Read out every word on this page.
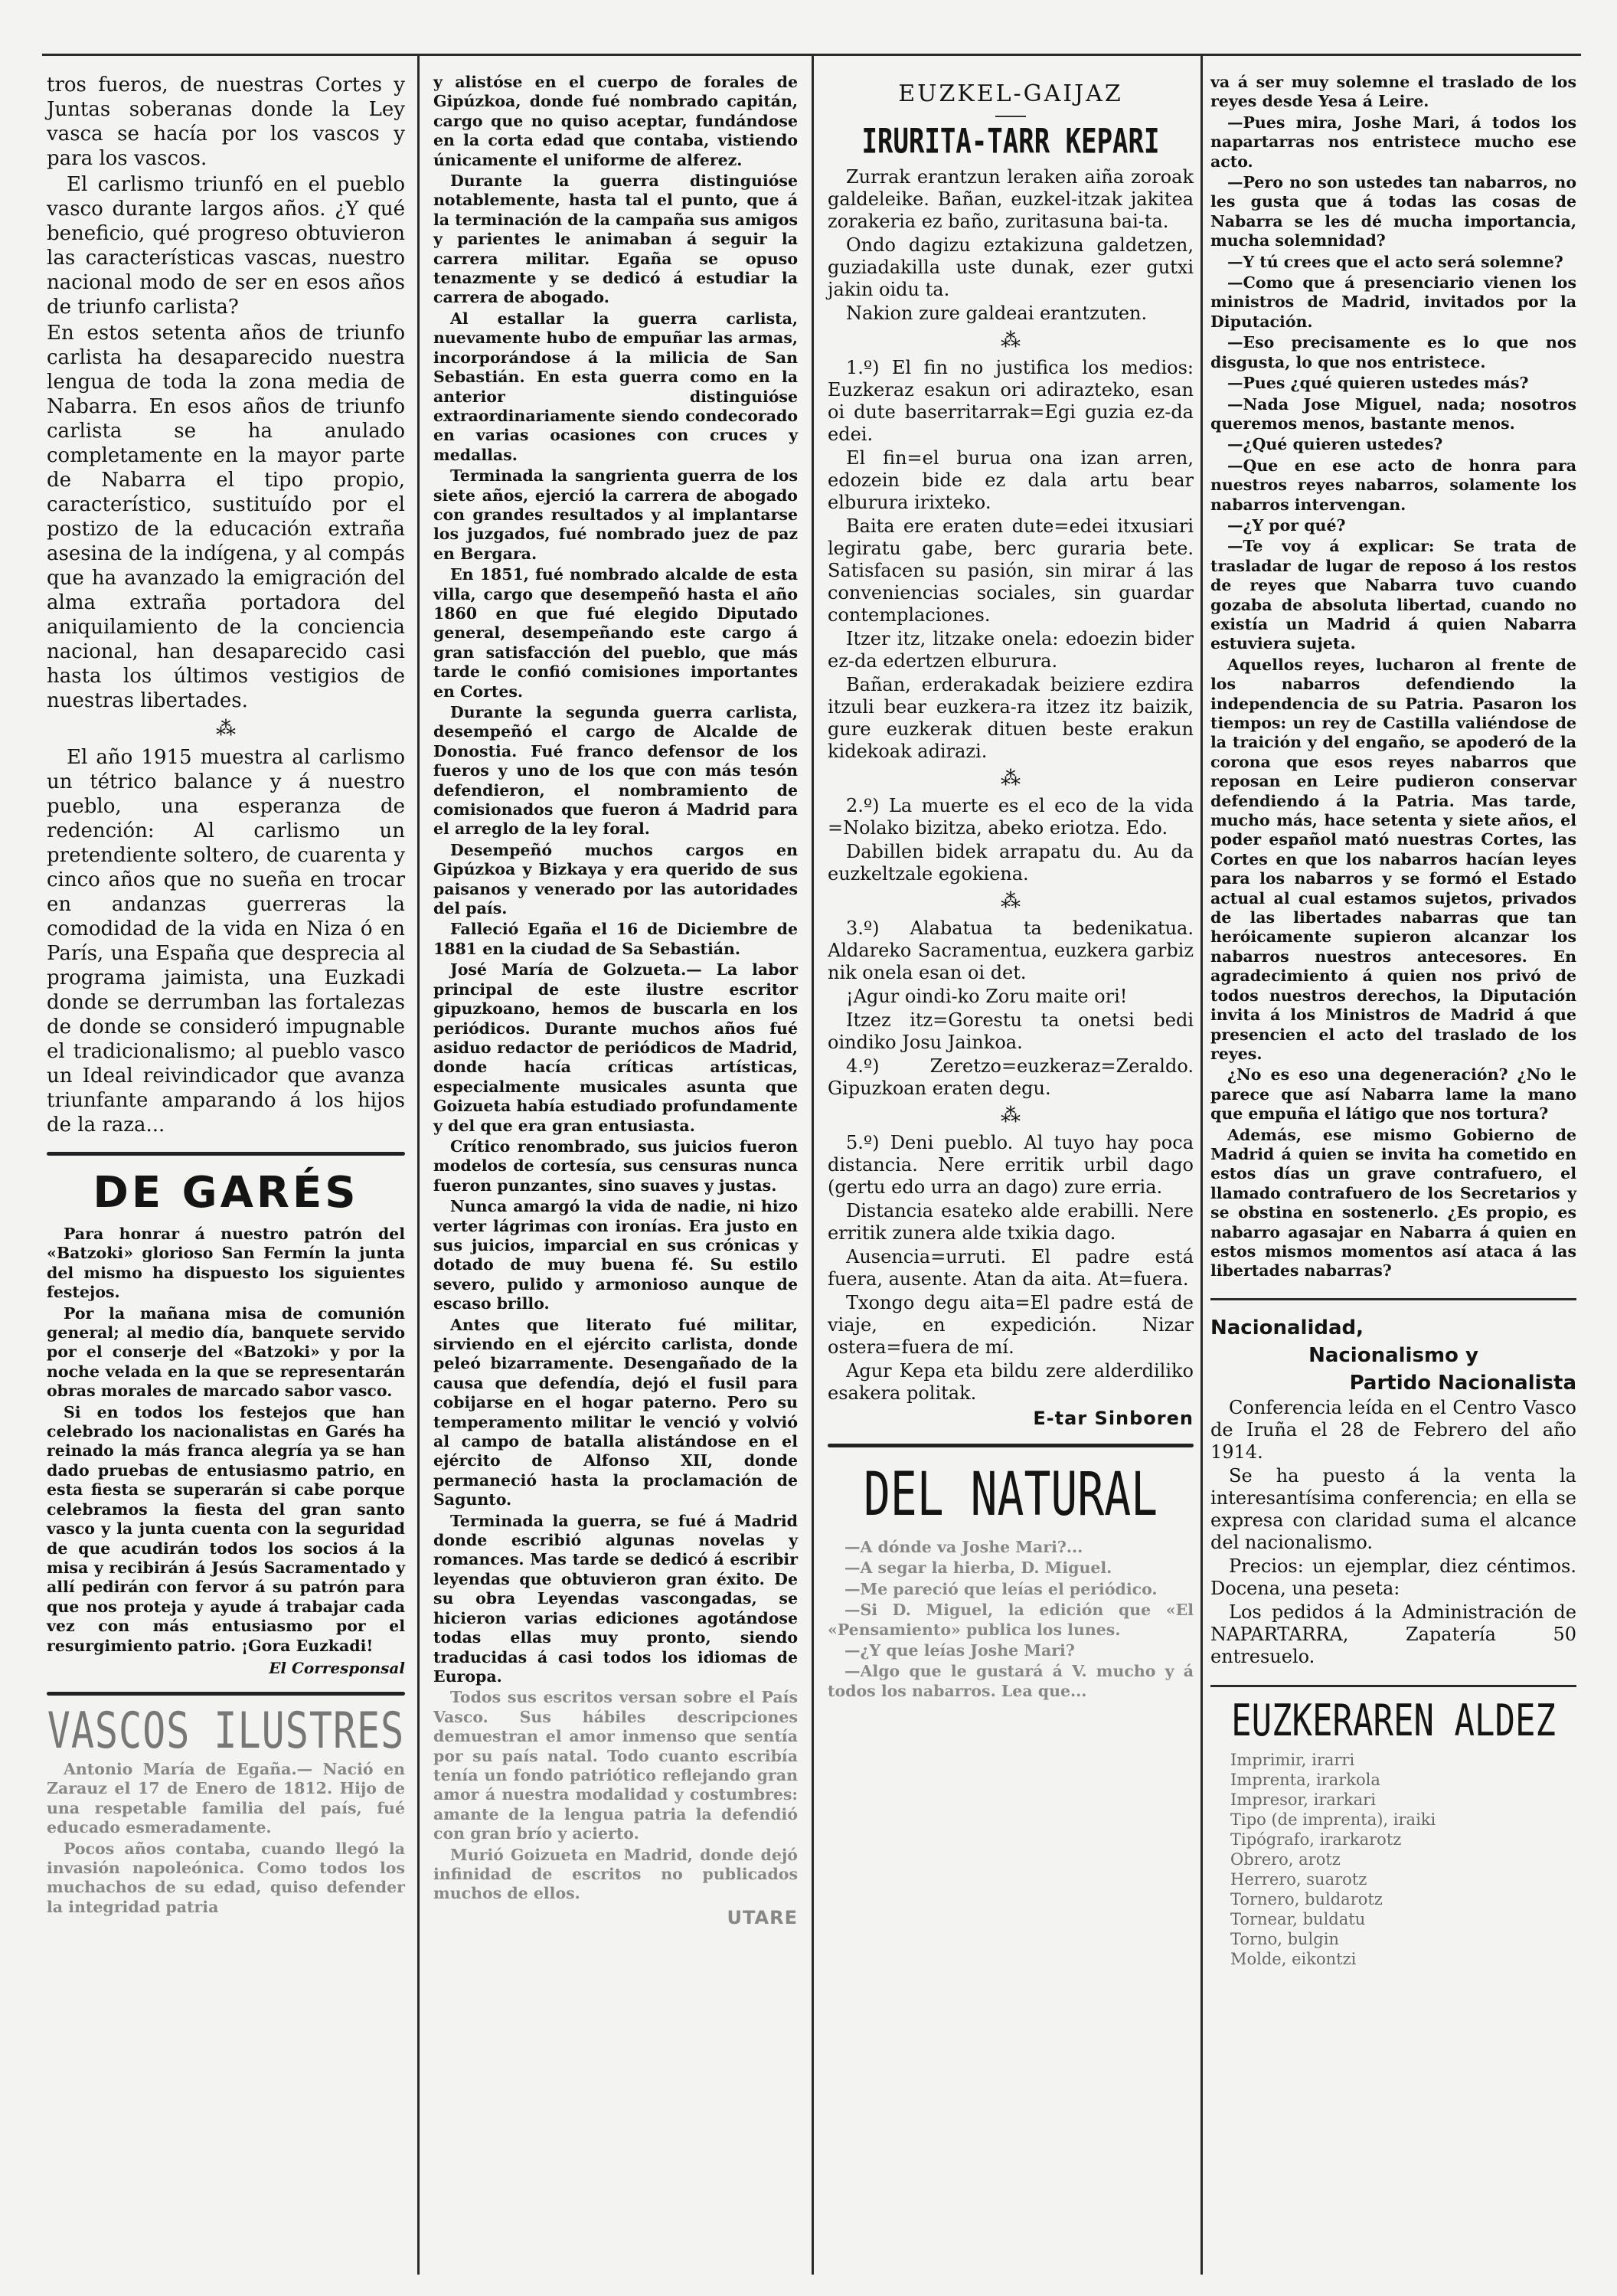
tros fueros, de nuestras Cortes y Juntas soberanas donde la Ley vasca se hacía por los vascos y para los vascos.

El carlismo triunfó en el pueblo vasco durante largos años. ¿Y qué beneficio, qué progreso obtuvieron las características vascas, nuestro nacional modo de ser en esos años de triunfo carlista?

En estos setenta años de triunfo carlista ha desaparecido nuestra lengua de toda la zona media de Nabarra. En esos años de triunfo carlista se ha anulado completamente en la mayor parte de Nabarra el tipo propio, característico, sustituído por el postizo de la educación extraña asesina de la indígena, y al compás que ha avanzado la emigración del alma extraña portadora del aniquilamiento de la conciencia nacional, han desaparecido casi hasta los últimos vestigios de nuestras libertades.

⁂

El año 1915 muestra al carlismo un tétrico balance y á nuestro pueblo, una esperanza de redención: Al carlismo un pretendiente soltero, de cuarenta y cinco años que no sueña en trocar en andanzas guerreras la comodidad de la vida en Niza ó en París, una España que desprecia al programa jaimista, una Euzkadi donde se derrumban las fortalezas de donde se consideró impugnable el tradicionalismo; al pueblo vasco un Ideal reivindicador que avanza triunfante amparando á los hijos de la raza...

DE GARÉS

Para honrar á nuestro patrón del «Batzoki» glorioso San Fermín la junta del mismo ha dispuesto los siguientes festejos.

Por la mañana misa de comunión general; al medio día, banquete servido por el conserje del «Batzoki» y por la noche velada en la que se representarán obras morales de marcado sabor vasco.

Si en todos los festejos que han celebrado los nacionalistas en Garés ha reinado la más franca alegría ya se han dado pruebas de entusiasmo patrio, en esta fiesta se superarán si cabe porque celebramos la fiesta del gran santo vasco y la junta cuenta con la seguridad de que acudirán todos los socios á la misa y recibirán á Jesús Sacramentado y allí pedirán con fervor á su patrón para que nos proteja y ayude á trabajar cada vez con más entusiasmo por el resurgimiento patrio. ¡Gora Euzkadi!

El Corresponsal
VASCOS ILUSTRES

Antonio María de Egaña.— Nació en Zarauz el 17 de Enero de 1812. Hijo de una respetable familia del país, fué educado esmeradamente.

Pocos años contaba, cuando llegó la invasión napoleónica. Como todos los muchachos de su edad, quiso defender la integridad patria

y alistóse en el cuerpo de forales de Gipúzkoa, donde fué nombrado capitán, cargo que no quiso aceptar, fundándose en la corta edad que contaba, vistiendo únicamente el uniforme de alferez.

Durante la guerra distinguióse notablemente, hasta tal el punto, que á la terminación de la campaña sus amigos y parientes le animaban á seguir la carrera militar. Egaña se opuso tenazmente y se dedicó á estudiar la carrera de abogado.

Al estallar la guerra carlista, nuevamente hubo de empuñar las armas, incorporándose á la milicia de San Sebastián. En esta guerra como en la anterior distinguióse extraordinariamente siendo condecorado en varias ocasiones con cruces y medallas.

Terminada la sangrienta guerra de los siete años, ejerció la carrera de abogado con grandes resultados y al implantarse los juzgados, fué nombrado juez de paz en Bergara.

En 1851, fué nombrado alcalde de esta villa, cargo que desempeñó hasta el año 1860 en que fué elegido Diputado general, desempeñando este cargo á gran satisfacción del pueblo, que más tarde le confió comisiones importantes en Cortes.

Durante la segunda guerra carlista, desempeñó el cargo de Alcalde de Donostia. Fué franco defensor de los fueros y uno de los que con más tesón defendieron, el nombramiento de comisionados que fueron á Madrid para el arreglo de la ley foral.

Desempeñó muchos cargos en Gipúzkoa y Bizkaya y era querido de sus paisanos y venerado por las autoridades del país.

Falleció Egaña el 16 de Diciembre de 1881 en la ciudad de Sa Sebastián.

José María de Golzueta.— La labor principal de este ilustre escritor gipuzkoano, hemos de buscarla en los periódicos. Durante muchos años fué asiduo redactor de periódicos de Madrid, donde hacía críticas artísticas, especialmente musicales asunta que Goizueta había estudiado profundamente y del que era gran entusiasta.

Crítico renombrado, sus juicios fueron modelos de cortesía, sus censuras nunca fueron punzantes, sino suaves y justas.

Nunca amargó la vida de nadie, ni hizo verter lágrimas con ironías. Era justo en sus juicios, imparcial en sus crónicas y dotado de muy buena fé. Su estilo severo, pulido y armonioso aunque de escaso brillo.

Antes que literato fué militar, sirviendo en el ejército carlista, donde peleó bizarramente. Desengañado de la causa que defendía, dejó el fusil para cobijarse en el hogar paterno. Pero su temperamento militar le venció y volvió al campo de batalla alistándose en el ejército de Alfonso XII, donde permaneció hasta la proclamación de Sagunto.

Terminada la guerra, se fué á Madrid donde escribió algunas novelas y romances. Mas tarde se dedicó á escribir leyendas que obtuvieron gran éxito. De su obra Leyendas vascongadas, se hicieron varias ediciones agotándose todas ellas muy pronto, siendo traducidas á casi todos los idiomas de Europa.

Todos sus escritos versan sobre el País Vasco. Sus hábiles descripciones demuestran el amor inmenso que sentía por su país natal. Todo cuanto escribía tenía un fondo patriótico reflejando gran amor á nuestra modalidad y costumbres: amante de la lengua patria la defendió con gran brío y acierto.

Murió Goizueta en Madrid, donde dejó infinidad de escritos no publicados muchos de ellos.

UTARE
EUZKEL-GAIJAZ
IRURITA-TARR KEPARI

Zurrak erantzun leraken aiña zoroak galdeleike. Bañan, euzkel-itzak jakitea zorakeria ez baño, zuritasuna bai-ta.

Ondo dagizu eztakizuna galdetzen, guziadakilla uste dunak, ezer gutxi jakin oidu ta.

Nakion zure galdeai erantzuten.

⁂

1.º) El fin no justifica los medios: Euzkeraz esakun ori adirazteko, esan oi dute baserritarrak=Egi guzia ez-da edei.

El fin=el burua ona izan arren, edozein bide ez dala artu bear elburura irixteko.

Baita ere eraten dute=edei itxusiari legiratu gabe, berc guraria bete. Satisfacen su pasión, sin mirar á las conveniencias sociales, sin guardar contemplaciones.

Itzer itz, litzake onela: edoezin bider ez-da edertzen elburura.

Bañan, erderakadak beiziere ezdira itzuli bear euzkera-ra itzez itz baizik, gure euzkerak dituen beste erakun kidekoak adirazi.

⁂

2.º) La muerte es el eco de la vida =Nolako bizitza, abeko eriotza. Edo.

Dabillen bidek arrapatu du. Au da euzkeltzale egokiena.

⁂

3.º) Alabatua ta bedenikatua. Aldareko Sacramentua, euzkera garbiz nik onela esan oi det.

¡Agur oindi-ko Zoru maite ori!

Itzez itz=Gorestu ta onetsi bedi oindiko Josu Jainkoa.

4.º) Zeretzo=euzkeraz=Zeraldo. Gipuzkoan eraten degu.

⁂

5.º) Deni pueblo. Al tuyo hay poca distancia. Nere erritik urbil dago (gertu edo urra an dago) zure erria.

Distancia esateko alde erabilli. Nere erritik zunera alde txikia dago.

Ausencia=urruti. El padre está fuera, ausente. Atan da aita. At=fuera.

Txongo degu aita=El padre está de viaje, en expedición. Nizar ostera=fuera de mí.

Agur Kepa eta bildu zere alderdiliko esakera politak.

E-tar Sinboren
DEL NATURAL

—A dónde va Joshe Mari?...

—A segar la hierba, D. Miguel.

—Me pareció que leías el periódico.

—Si D. Miguel, la edición que «El «Pensamiento» publica los lunes.

—¿Y que leías Joshe Mari?

—Algo que le gustará á V. mucho y á todos los nabarros. Lea que...

va á ser muy solemne el traslado de los reyes desde Yesa á Leire.

—Pues mira, Joshe Mari, á todos los napartarras nos entristece mucho ese acto.

—Pero no son ustedes tan nabarros, no les gusta que á todas las cosas de Nabarra se les dé mucha importancia, mucha solemnidad?

—Y tú crees que el acto será solemne?

—Como que á presenciario vienen los ministros de Madrid, invitados por la Diputación.

—Eso precisamente es lo que nos disgusta, lo que nos entristece.

—Pues ¿qué quieren ustedes más?

—Nada Jose Miguel, nada; nosotros queremos menos, bastante menos.

—¿Qué quieren ustedes?

—Que en ese acto de honra para nuestros reyes nabarros, solamente los nabarros intervengan.

—¿Y por qué?

—Te voy á explicar: Se trata de trasladar de lugar de reposo á los restos de reyes que Nabarra tuvo cuando gozaba de absoluta libertad, cuando no existía un Madrid á quien Nabarra estuviera sujeta.

Aquellos reyes, lucharon al frente de los nabarros defendiendo la independencia de su Patria. Pasaron los tiempos: un rey de Castilla valiéndose de la traición y del engaño, se apoderó de la corona que esos reyes nabarros que reposan en Leire pudieron conservar defendiendo á la Patria. Mas tarde, mucho más, hace setenta y siete años, el poder español mató nuestras Cortes, las Cortes en que los nabarros hacían leyes para los nabarros y se formó el Estado actual al cual estamos sujetos, privados de las libertades nabarras que tan heróicamente supieron alcanzar los nabarros nuestros antecesores. En agradecimiento á quien nos privó de todos nuestros derechos, la Diputación invita á los Ministros de Madrid á que presencien el acto del traslado de los reyes.

¿No es eso una degeneración? ¿No le parece que así Nabarra lame la mano que empuña el látigo que nos tortura?

Además, ese mismo Gobierno de Madrid á quien se invita ha cometido en estos días un grave contrafuero, el llamado contrafuero de los Secretarios y se obstina en sostenerlo. ¿Es propio, es nabarro agasajar en Nabarra á quien en estos mismos momentos así ataca á las libertades nabarras?

Nacionalidad,
Nacionalismo y
Partido Nacionalista

Conferencia leída en el Centro Vasco de Iruña el 28 de Febrero del año 1914.

Se ha puesto á la venta la interesantísima conferencia; en ella se expresa con claridad suma el alcance del nacionalismo.

Precios: un ejemplar, diez céntimos. Docena, una peseta:

Los pedidos á la Administración de NAPARTARRA, Zapatería 50 entresuelo.

EUZKERAREN ALDEZ
Imprimir, irarri
Imprenta, irarkola
Impresor, irarkari
Tipo (de imprenta), iraiki
Tipógrafo, irarkarotz
Obrero, arotz
Herrero, suarotz
Tornero, buldarotz
Tornear, buldatu
Torno, bulgin
Molde, eikontzi
